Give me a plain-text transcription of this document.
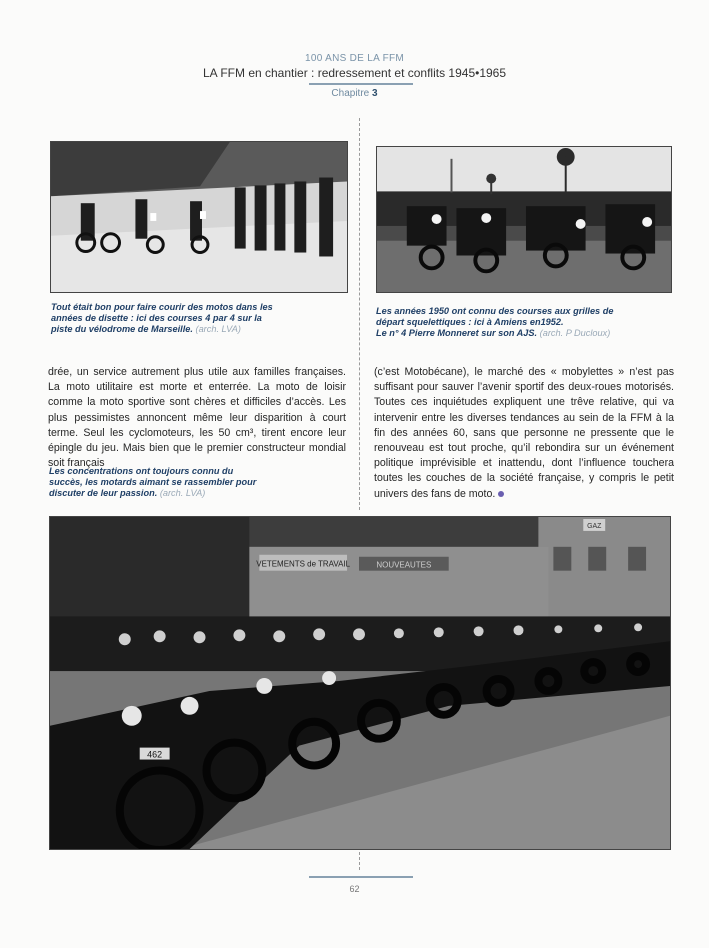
100 ANS DE LA FFM
LA FFM en chantier : redressement et conflits 1945•1965
Chapitre 3
Tout était bon pour faire courir des motos dans les années de disette : ici des courses 4 par 4 sur la piste du vélodrome de Marseille. (arch. LVA)
Les années 1950 ont connu des courses aux grilles de départ squelettiques : ici à Amiens en1952.
Le n° 4 Pierre Monneret sur son AJS. (arch. P Ducloux)
drée, un service autrement plus utile aux familles françaises. La moto utilitaire est morte et enterrée. La moto de loisir comme la moto sportive sont chères et difficiles d’accès. Les plus pessimistes annoncent même leur disparition à court terme. Seul les cyclomoteurs, les 50 cm³, tirent encore leur épingle du jeu. Mais bien que le premier constructeur mondial soit français
(c’est Motobécane), le marché des « mobylettes » n’est pas suffisant pour sauver l’avenir sportif des deux-roues motorisés. Toutes ces inquiétudes expliquent une trêve relative, qui va intervenir entre les diverses tendances au sein de la FFM à la fin des années 60, sans que personne ne pressente que le renouveau est tout proche, qu’il rebondira sur un événement politique imprévisible et inattendu, dont l’influence touchera toutes les couches de la société française, y compris le petit univers des fans de moto.
Les concentrations ont toujours connu du succès, les motards aimant se rassembler pour discuter de leur passion. (arch. LVA)
VETEMENTS de TRAVAIL	NOUVEAUTES
GAZ
462
62
